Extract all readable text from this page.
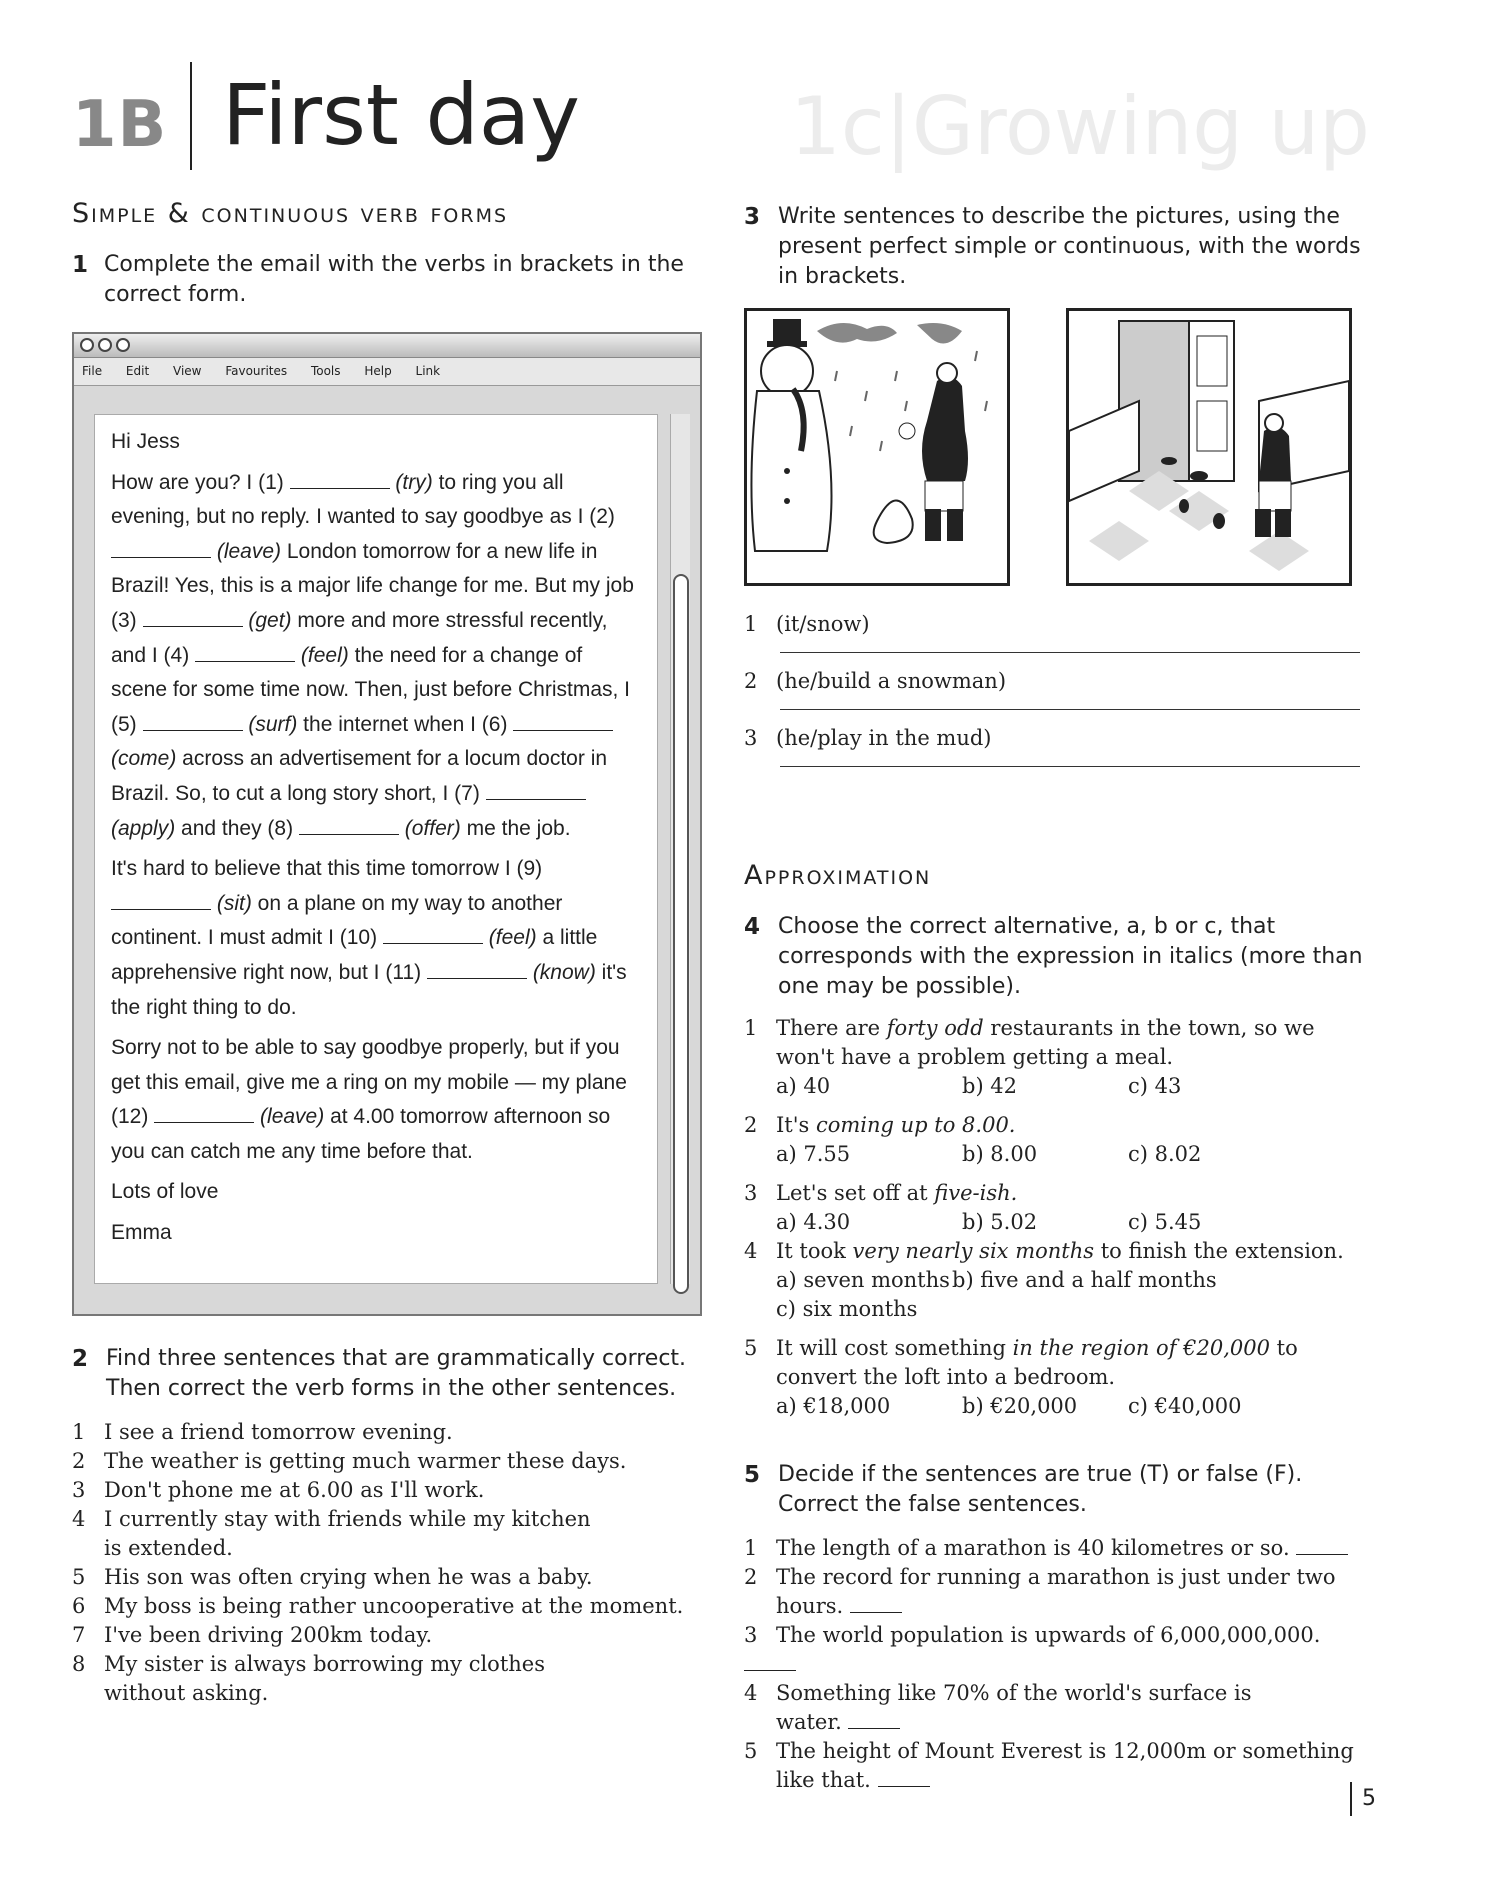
1c|Growing up
1B First day
Simple & continuous verb forms
1 Complete the email with the verbs in brackets in the correct form.
File Edit View Favourites Tools Help Link

Hi Jess

How are you? I (1)	(try) to ring you all evening, but no reply. I wanted to say goodbye as I (2)  (leave) London tomorrow for a new life in Brazil! Yes, this is a major life change for me. But my job (3)	(get) more and more stressful recently, and I (4)	(feel) the need for a change of scene for some time now. Then, just before Christmas, I (5)	(surf) the internet when I (6)  (come) across an advertisement for a locum doctor in Brazil. So, to cut a long story short, I (7)  (apply) and they (8)	(offer) me the job.

It's hard to believe that this time tomorrow I (9)  (sit) on a plane on my way to another continent. I must admit I (10)	(feel) a little apprehensive right now, but I (11)	(know) it's the right thing to do.

Sorry not to be able to say goodbye properly, but if you get this email, give me a ring on my mobile — my plane (12)	(leave) at 4.00 tomorrow afternoon so you can catch me any time before that.

Lots of love

Emma

2 Find three sentences that are grammatically correct. Then correct the verb forms in the other sentences.
1 I see a friend tomorrow evening.
2 The weather is getting much warmer these days.
3 Don't phone me at 6.00 as I'll work.
4 I currently stay with friends while my kitchen
is extended.
5 His son was often crying when he was a baby.
6 My boss is being rather uncooperative at the moment.
7 I've been driving 200km today.
8 My sister is always borrowing my clothes
without asking.
3 Write sentences to describe the pictures, using the present perfect simple or continuous, with the words in brackets.
1 (it/snow)
2 (he/build a snowman)
3 (he/play in the mud)
Approximation
4 Choose the correct alternative, a, b or c, that corresponds with the expression in italics (more than one may be possible).
1 There are forty odd restaurants in the town, so we
won't have a problem getting a meal.
a) 40	b) 42	c) 43
2 It's coming up to 8.00.
a) 7.55	b) 8.00	c) 8.02
3 Let's set off at five-ish.
a) 4.30	b) 5.02	c) 5.45
4 It took very nearly six months to finish the extension.
a) seven monthsb) five and a half months
c) six months
5 It will cost something in the region of €20,000 to
convert the loft into a bedroom.
a) €18,000	b) €20,000 c) €40,000
5 Decide if the sentences are true (T) or false (F). Correct the false sentences.
1 The length of a marathon is 40 kilometres or so.
2 The record for running a marathon is just under two
hours.
3 The world population is upwards of 6,000,000,000.
4 Something like 70% of the world's surface is
water.
5 The height of Mount Everest is 12,000m or something
like that.
5
